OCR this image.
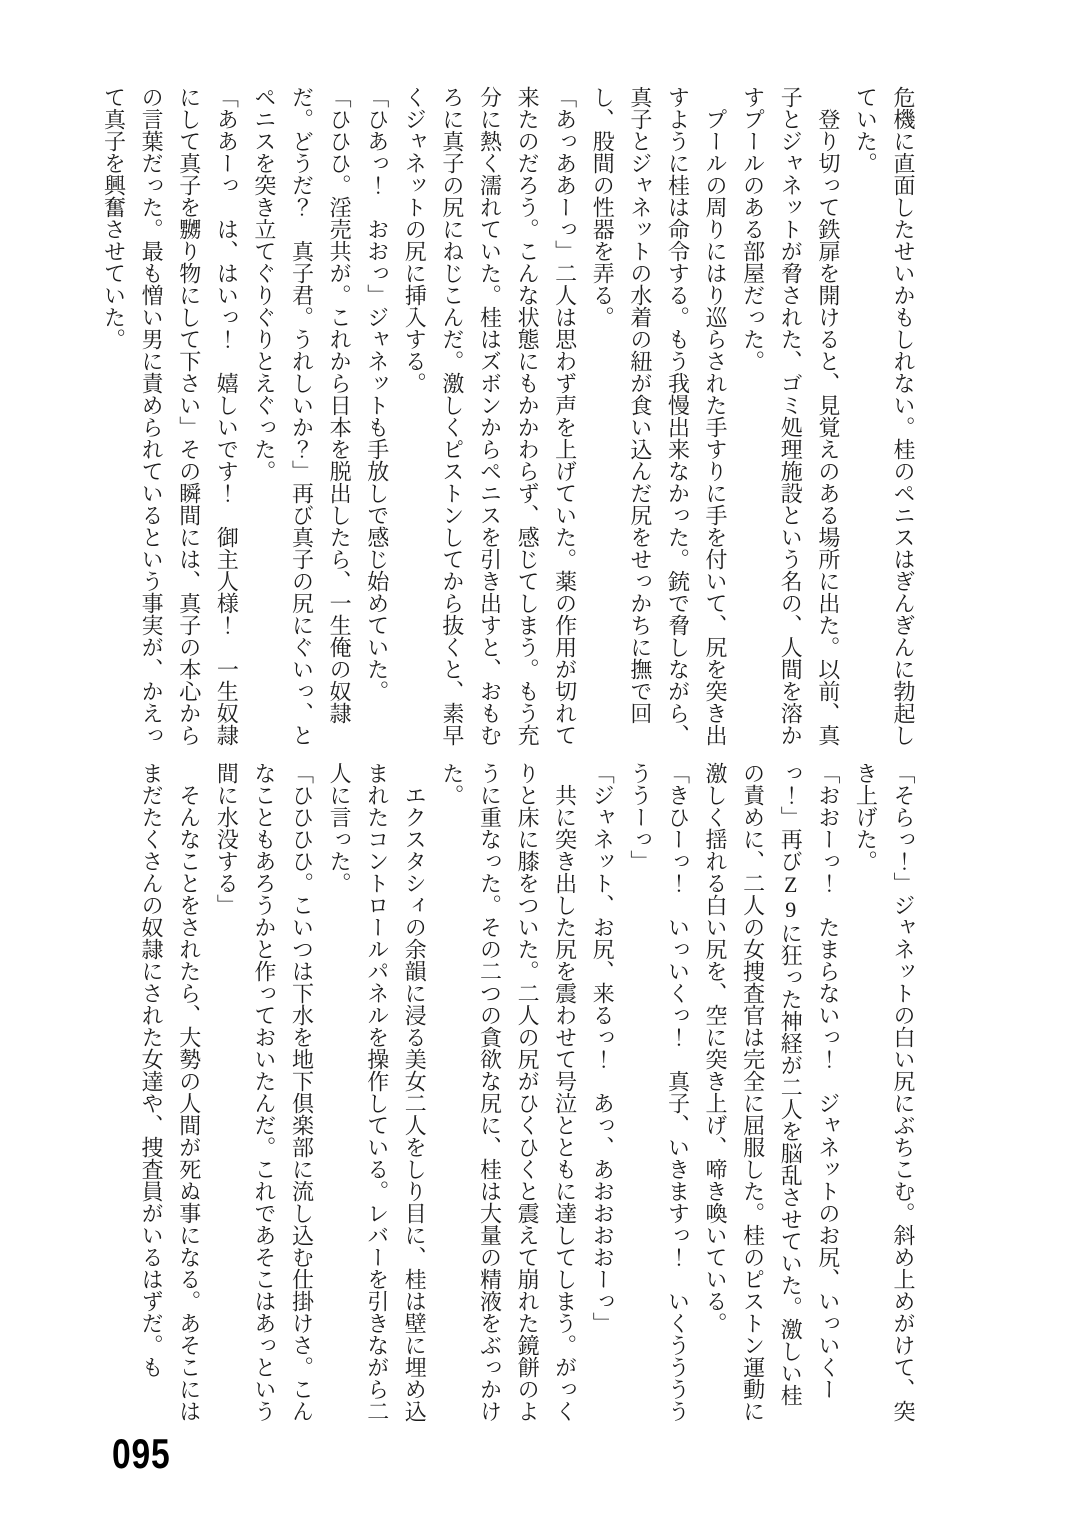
危機に直面したせいかもしれない。桂のペニスはぎんぎんに勃起していた。

登り切って鉄扉を開けると、見覚えのある場所に出た。以前、真子とジャネットが脅された、ゴミ処理施設という名の、人間を溶かすプールのある部屋だった。

プールの周りにはり巡らされた手すりに手を付いて、尻を突き出すように桂は命令する。もう我慢出来なかった。銃で脅しながら、真子とジャネットの水着の紐が食い込んだ尻をせっかちに撫で回し、股間の性器を弄る。

「あっああーっ」二人は思わず声を上げていた。薬の作用が切れて来たのだろう。こんな状態にもかかわらず、感じてしまう。もう充分に熱く濡れていた。桂はズボンからペニスを引き出すと、おもむろに真子の尻にねじこんだ。激しくピストンしてから抜くと、素早くジャネットの尻に挿入する。

「ひあっ！　おおっ」ジャネットも手放しで感じ始めていた。

「ひひひ。淫売共が。これから日本を脱出したら、一生俺の奴隷だ。どうだ？　真子君。うれしいか？」再び真子の尻にぐいっ、とペニスを突き立てぐりぐりとえぐった。

「ああーっ　は、はいっ！　嬉しいです！　御主人様！　一生奴隷にして真子を嬲り物にして下さい」その瞬間には、真子の本心からの言葉だった。最も憎い男に責められているという事実が、かえって真子を興奮させていた。

「そらっ！」ジャネットの白い尻にぶちこむ。斜め上めがけて、突き上げた。

「おおーっ！　たまらないっ！　ジャネットのお尻、いっいくーっ！」再びZ9に狂った神経が二人を脳乱させていた。激しい桂の責めに、二人の女捜査官は完全に屈服した。桂のピストン運動に激しく揺れる白い尻を、空に突き上げ、啼き喚いている。

「きひーっ！　いっいくっ！　真子、いきますっ！　いくううううううーっ」

「ジャネット、お尻、来るっ！　あっ、あおおおおーっ」

共に突き出した尻を震わせて号泣とともに達してしまう。がっくりと床に膝をついた。二人の尻がひくひくと震えて崩れた鏡餅のように重なった。その二つの貪欲な尻に、桂は大量の精液をぶっかけた。

エクスタシィの余韻に浸る美女二人をしり目に、桂は壁に埋め込まれたコントロールパネルを操作している。レバーを引きながら二人に言った。

「ひひひひ。こいつは下水を地下倶楽部に流し込む仕掛けさ。こんなこともあろうかと作っておいたんだ。これであそこはあっという間に水没する」

そんなことをされたら、大勢の人間が死ぬ事になる。あそこにはまだたくさんの奴隷にされた女達や、捜査員がいるはずだ。も

095
